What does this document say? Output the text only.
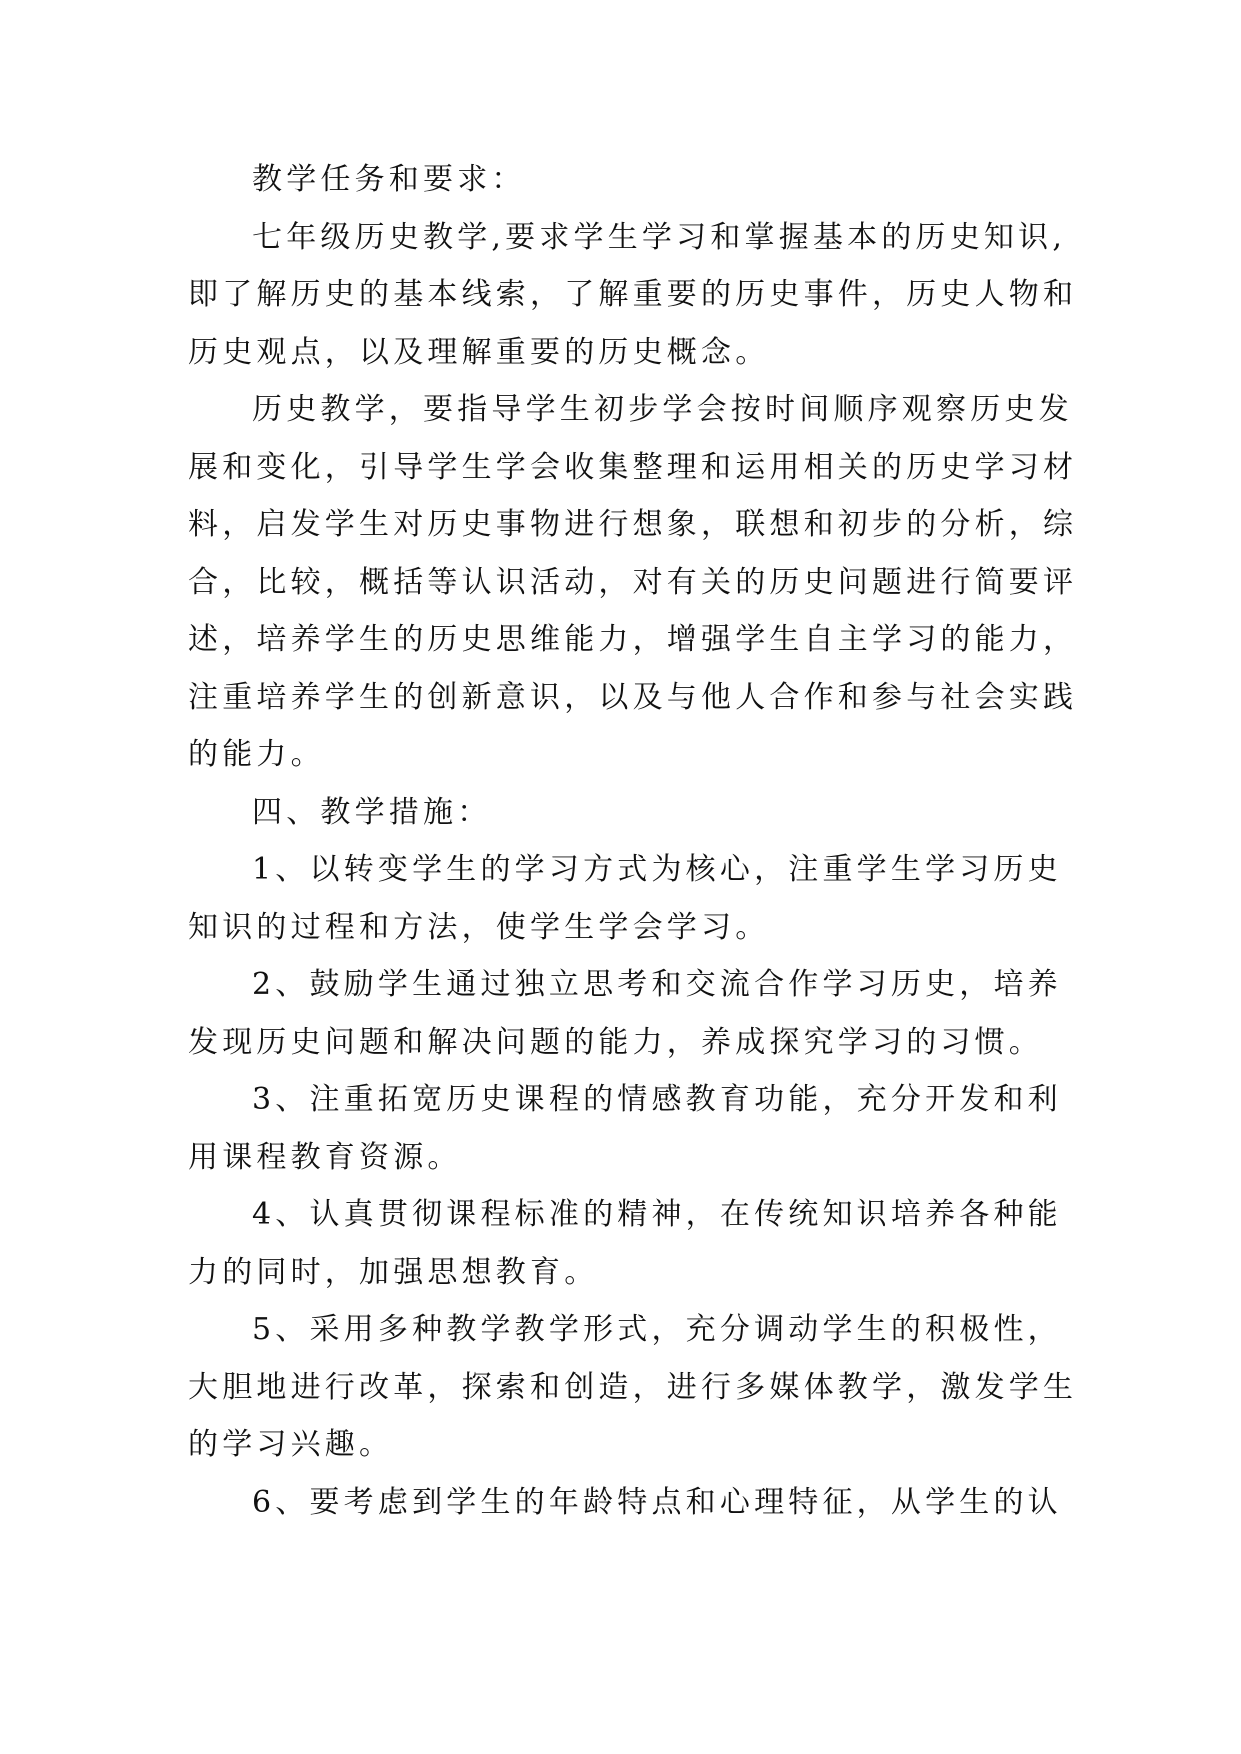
教学任务和要求：
七年级历史教学,要求学生学习和掌握基本的历史知识,
即了解历史的基本线索，了解重要的历史事件，历史人物和
历史观点，以及理解重要的历史概念。
历史教学，要指导学生初步学会按时间顺序观察历史发
展和变化，引导学生学会收集整理和运用相关的历史学习材
料，启发学生对历史事物进行想象，联想和初步的分析，综
合，比较，概括等认识活动，对有关的历史问题进行简要评
述，培养学生的历史思维能力，增强学生自主学习的能力，
注重培养学生的创新意识，以及与他人合作和参与社会实践
的能力。
四、教学措施：
1、以转变学生的学习方式为核心，注重学生学习历史
知识的过程和方法，使学生学会学习。
2、鼓励学生通过独立思考和交流合作学习历史，培养
发现历史问题和解决问题的能力，养成探究学习的习惯。
3、注重拓宽历史课程的情感教育功能，充分开发和利
用课程教育资源。
4、认真贯彻课程标准的精神，在传统知识培养各种能
力的同时，加强思想教育。
5、采用多种教学教学形式，充分调动学生的积极性，
大胆地进行改革，探索和创造，进行多媒体教学，激发学生
的学习兴趣。
6、要考虑到学生的年龄特点和心理特征，从学生的认
